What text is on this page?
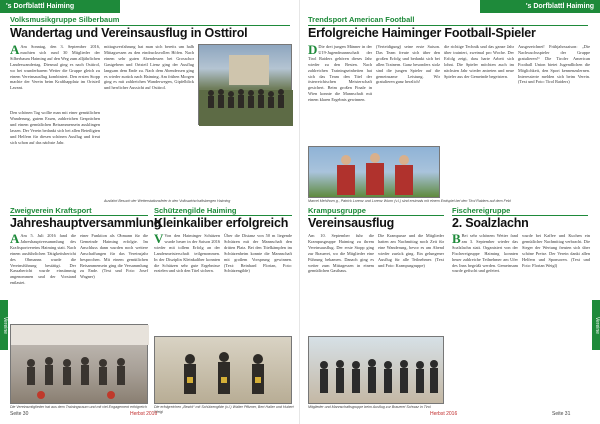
's Dorfblattl Haiming
Vereine
Volksmusikgruppe Silberbaum
Wandertag und Vereinsausflug in Osttirol
A Am Sonntag, den 3. September 2016, machten sich rund 30 Mitglieder der Silberbaum Haiming auf den Weg zum alljährlichen Landeswandertag. Diesmal ging es nach Osttirol, wo bei wunderbarem Wetter die Gruppe gleich zu einem Vereinsausflug kombiniert. Den ersten Stopp machte der Verein beim Krafthapplatz im Ortsteil Lavant.
Den schönen Tag wollte man mit einer gemütlichen Wanderung, gutem Essen, zahlreichen Gesprächen und einem gemütlichen Beisammensein ausklingen lassen. Der Verein bedankt sich bei allen Beteiligten und Helfern für diesen schönen Ausflug und freut sich schon auf das nächste Jahr.
mittagsverfahrung hat man sich bereits um halb Mittagsessen zu den eindrucksvollen Höfen. Nach einem sehr guten Abendessen bei Grosschor Gastgebern und Ortsteil Lienz ging der Ausflug langsam dem Ende zu. Nach dem Abendessen ging es wieder zurück nach Haiming. Am frühen Morgen ging es mit zahlreichen Wanderwegen, Gipfelblick und herrlicher Aussicht auf Osttirol.
Ausfahrt Besuch der Wetterstationsfeier in den Volkswirtschaftsbergen Haiming
Zweigverein Kraftsport
Jahreshauptversammlung
A Am 5. Juli 2016 fand die Jahreshauptversammlung des Kraftsportvereins Haiming statt. Nach einem ausführlichen Tätigkeitsbericht des Obmanns wurde die Vereinsführung bestätigt. Der Kassabericht wurde einstimmig angenommen und der Vorstand entlastet.
einer Funktion als Obmann für die Gemeinde Haiming erfolgte. Im Anschluss dann wurden noch weitere Anschaffungen für das Vereinsjahr besprochen. Mit einem gemütlichen Beisammensein ging die Versammlung zu Ende. (Text und Foto: Josef Wagner)
Die Vereinsmitglieder hat aus dem Trainingsraum und mit viel Engagement erfolgreich
Schützengilde Haiming
Kleinkaliber erfolgreich
V Von den Haiminger Schützen wurde heuer in der Saison 2016 wieder mit tollem Erfolg an der Landesmeisterschaft teilgenommen. In der Disziplin Kleinkaliber konnten die Schützen sehr gute Ergebnisse erzielen und sich den Titel sichern.
Über die Distanz von 50 m liegende Schützen mit der Mannschaft den dritten Platz. Bei den Titelkämpfen im Schützenheim konnte die Mannschaft mit großem Vorsprung gewinnen. (Text: Reinhard Florian, Foto: Schützengilde)
Die erfolgreichen „Bezirk“ mit Schützengilde (v.l.) Walter Pfitzner, Bert Haller und Hubert Weigl
Seite 30	Herbst 2016
's Dorfblattl Haiming
Vereine
Trendsport American Football
Erfolgreiche Haiminger Football-Spieler
D Die drei jungen Männer in der U19-Jugendmannschaft der Tirol Raiders gehören dieses Jahr wieder zu den Besten. Nach zahlreichen Trainingseinheiten hat sich das Team den Titel der österreichischen Meisterschaft gesichert. Beim großen Finale in Wien konnte die Mannschaft mit einem klaren Ergebnis gewinnen.
(Verteidigung) seine erste Saison. Das Team freute sich über den großen Erfolg und bedankt sich bei allen Trainern. Ganz besonders stolz sind die jungen Spieler auf die gemeinsame Leistung. Wir gratulieren ganz herzlich!
die richtige Technik und das ganze Jahr über trainiert, zweimal pro Woche. Der Erfolg zeigt, dass harte Arbeit sich lohnt. Die Spieler möchten auch im nächsten Jahr wieder antreten und neue Spieler aus der Gemeinde begeistern.
Ausgezeichnet! Frühjahrssaison: „Die Nachwuchsspieler der Gruppe gratulieren!“ Die Tiroler American Football Union bietet Jugendlichen die Möglichkeit, den Sport kennenzulernen. Interessierte melden sich beim Verein. (Text und Foto: Tirol Raiders)
Marcel Mehlhorn g., Patrick Lorenz und Lorenz Wurm (v.l.) sind erstmals mit einem Endspiel bei den Tirol Raiders auf dem Feld
Krampusgruppe
Vereinsausflug
Am 10. September fuhr die Krampusgruppe Haiming zu ihrem Vereinsausflug. Der erste Stopp ging zur Brauerei, wo die Mitglieder eine Führung bekamen. Danach ging es weiter zum Mittagessen in einem gemütlichen Gasthaus.
Die Krampusse und die Mitglieder hatten am Nachmittag noch Zeit für eine Wanderung, bevor es am Abend wieder zurück ging. Ein gelungener Ausflug für alle Teilnehmer. (Text und Foto: Krampusgruppe)
Mitglieder und Mannschaftsgruppe beim Ausflug zur Brauerei Schwaz in Tirol
Fischereigruppe
2. Soalzlachn
B Bei sehr schönem Wetter fand am 3. September wieder das Soalzlachn statt. Organisiert von der Fischereigruppe Haiming konnten heuer zahlreiche Teilnehmer am Ufer des Inns begrüßt werden. Gemeinsam wurde gefischt und gefeiert.
wurde bei Kaffee und Kuchen ein gemütlicher Nachmittag verbracht. Die Sieger der Wertung freuten sich über schöne Preise. Der Verein dankt allen Helfern und Sponsoren. (Text und Foto: Florian Weigl)
Seite 31
Herbst 2016
